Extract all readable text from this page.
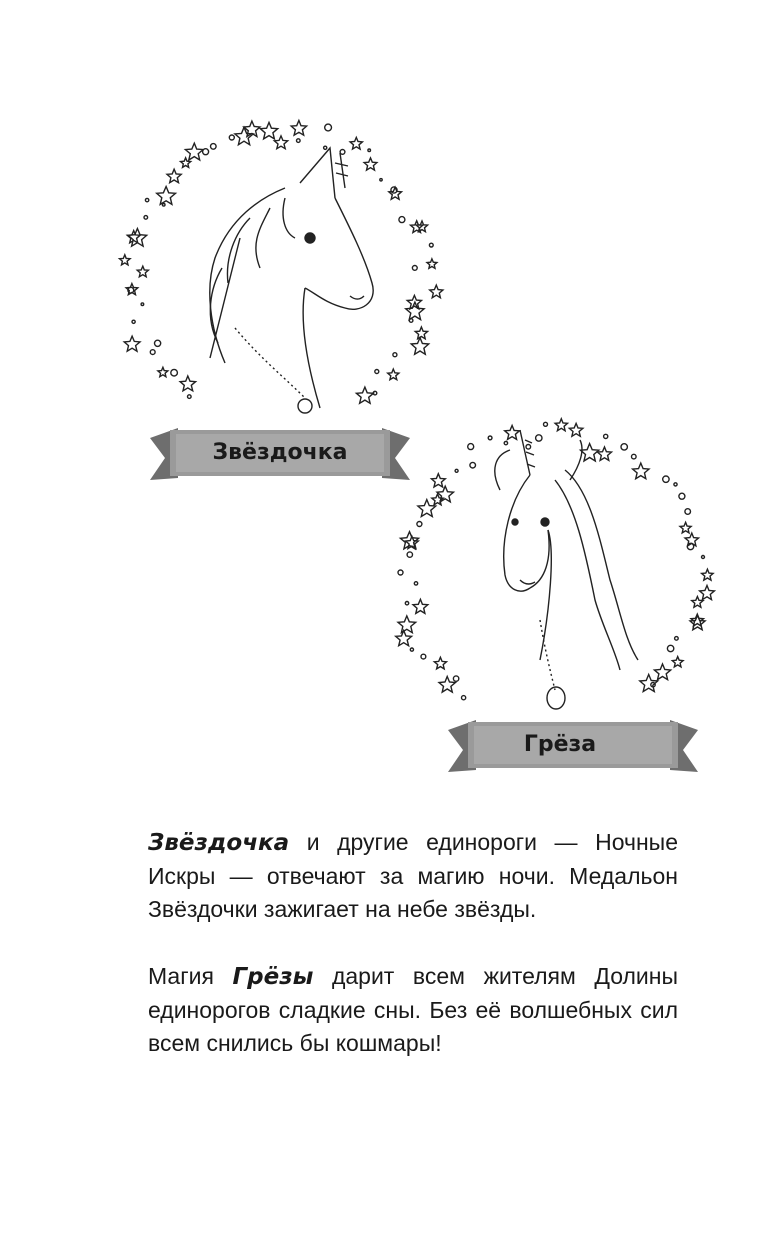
Звёздочка
Грёза
Звёздочка и другие единороги — Ночные Искры — отвечают за магию ночи. Медальон Звёздочки зажигает на небе звёзды.
Магия Грёзы дарит всем жителям Долины единорогов сладкие сны. Без её волшебных сил всем снились бы кошмары!
